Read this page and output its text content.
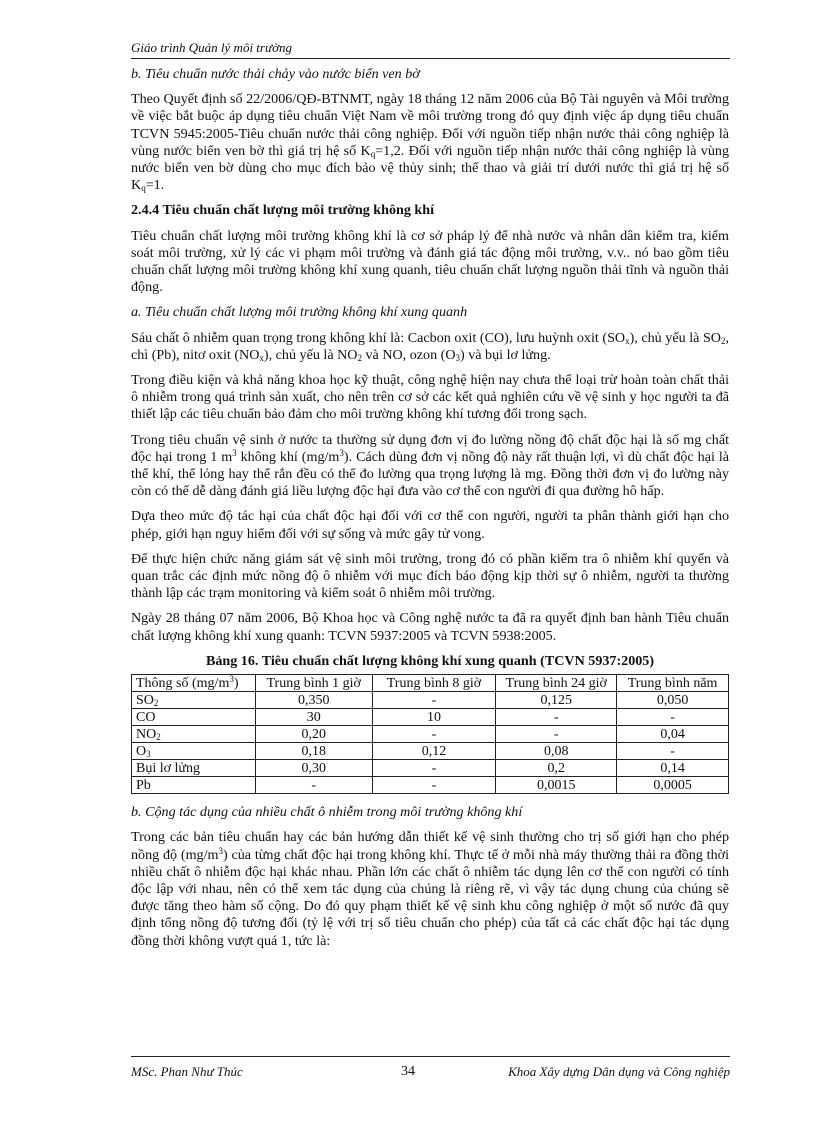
Giáo trình Quản lý môi trường

b. Tiêu chuẩn nước thải chảy vào nước biển ven bờ

Theo Quyết định số 22/2006/QĐ-BTNMT, ngày 18 tháng 12 năm 2006 của Bộ Tài nguyên và Môi trường về việc bắt buộc áp dụng tiêu chuẩn Việt Nam về môi trường trong đó quy định việc áp dụng tiêu chuẩn TCVN 5945:2005-Tiêu chuẩn nước thải công nghiệp. Đối với nguồn tiếp nhận nước thải công nghiệp là vùng nước biển ven bờ thì giá trị hệ số $K_q=1,2$. Đối với nguồn tiếp nhận nước thải công nghiệp là vùng nước biển ven bờ dùng cho mục đích bảo vệ thủy sinh; thể thao và giải trí dưới nước thì giá trị hệ số $K_q=1$.

2.4.4 Tiêu chuẩn chất lượng môi trường không khí

Tiêu chuẩn chất lượng môi trường không khí là cơ sở pháp lý để nhà nước và nhân dân kiểm tra, kiểm soát môi trường, xử lý các vi phạm môi trường và đánh giá tác động môi trường, v.v.. nó bao gồm tiêu chuẩn chất lượng môi trường không khí xung quanh, tiêu chuẩn chất lượng nguồn thải tĩnh và nguồn thải động.

a. Tiêu chuẩn chất lượng môi trường không khí xung quanh

Sáu chất ô nhiễm quan trọng trong không khí là: Cacbon oxit (CO), lưu huỳnh oxit $(SO_x)$, chủ yếu là $SO_2$, chì (Pb), nitơ oxit $(NO_x)$, chủ yếu là $NO_2$ và NO, ozon $(O_3)$ và bụi lơ lửng.

Trong điều kiện và khả năng khoa học kỹ thuật, công nghệ hiện nay chưa thể loại trừ hoàn toàn chất thải ô nhiễm trong quá trình sản xuất, cho nên trên cơ sở các kết quả nghiên cứu về vệ sinh y học người ta đã thiết lập các tiêu chuẩn bảo đảm cho môi trường không khí tương đối trong sạch.

Trong tiêu chuẩn vệ sinh ở nước ta thường sử dụng đơn vị đo lường nồng độ chất độc hại là số mg chất độc hại trong 1 $m^3$ không khí $(mg/m^3)$. Cách dùng đơn vị nồng độ này rất thuận lợi, vì dù chất độc hại là thể khí, thể lỏng hay thể rắn đều có thể đo lường qua trọng lượng là mg. Đồng thời đơn vị đo lường này còn có thể dễ dàng đánh giá liều lượng độc hại đưa vào cơ thể con người đi qua đường hô hấp.

Dựa theo mức độ tác hại của chất độc hại đối với cơ thể con người, người ta phân thành giới hạn cho phép, giới hạn nguy hiểm đối với sự sống và mức gây tử vong.

Để thực hiện chức năng giám sát vệ sinh môi trường, trong đó có phần kiểm tra ô nhiễm khí quyển và quan trắc các định mức nồng độ ô nhiễm với mục đích báo động kịp thời sự ô nhiễm, người ta thường thành lập các trạm monitoring và kiểm soát ô nhiễm môi trường.

Ngày 28 tháng 07 năm 2006, Bộ Khoa học và Công nghệ nước ta đã ra quyết định ban hành Tiêu chuẩn chất lượng không khí xung quanh: TCVN 5937:2005 và TCVN 5938:2005.

Bảng 16. Tiêu chuẩn chất lượng không khí xung quanh (TCVN 5937:2005)
Thông số $(mg/m^3)$	Trung bình 1 giờ	Trung bình 8 giờ	Trung bình 24 giờ	Trung bình năm
$SO_2$	0,350	-	0,125	0,050
CO	30	10	-	-
$NO_2$	0,20	-	-	0,04
$O_3$	0,18	0,12	0,08	-
Bụi lơ lửng	0,30	-	0,2	0,14
Pb	-	-	0,0015	0,0005

b. Cộng tác dụng của nhiều chất ô nhiễm trong môi trường không khí

Trong các bản tiêu chuẩn hay các bản hướng dẫn thiết kế vệ sinh thường cho trị số giới hạn cho phép nồng độ $(mg/m^3)$ của từng chất độc hại trong không khí. Thực tế ở mỗi nhà máy thường thải ra đồng thời nhiều chất ô nhiễm độc hại khác nhau. Phần lớn các chất ô nhiễm tác dụng lên cơ thể con người có tính độc lập với nhau, nên có thể xem tác dụng của chúng là riêng rẽ, vì vậy tác dụng chung của chúng sẽ được tăng theo hàm số cộng. Do đó quy phạm thiết kế vệ sinh khu công nghiệp ở một số nước đã quy định tổng nồng độ tương đối (tỷ lệ với trị số tiêu chuẩn cho phép) của tất cả các chất độc hại tác dụng đồng thời không vượt quá 1, tức là:

MSc. Phan Như Thúc	34	Khoa Xây dựng Dân dụng và Công nghiệp
